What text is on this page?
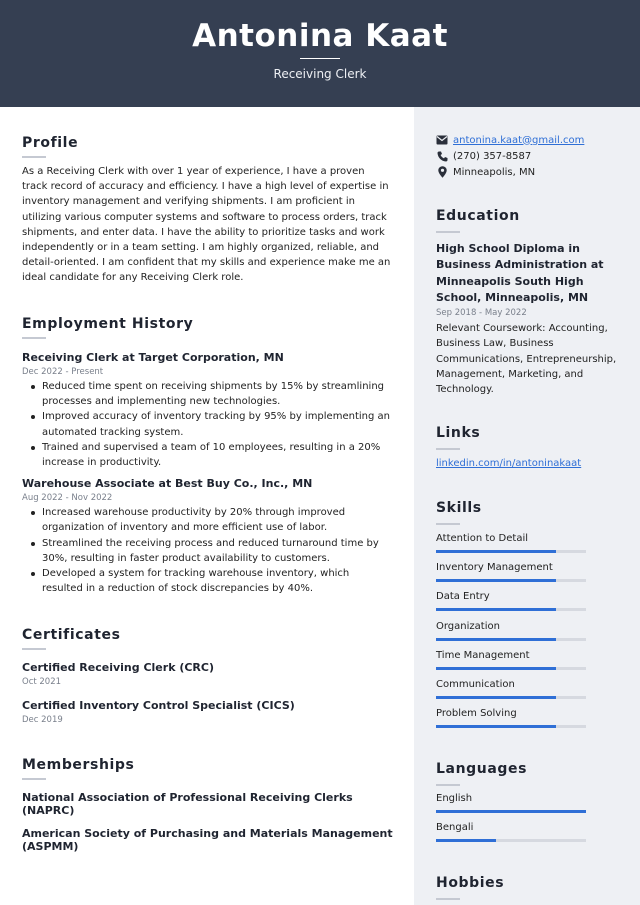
Antonina Kaat
Receiving Clerk
Profile
As a Receiving Clerk with over 1 year of experience, I have a proven track record of accuracy and efficiency. I have a high level of expertise in inventory management and verifying shipments. I am proficient in utilizing various computer systems and software to process orders, track shipments, and enter data. I have the ability to prioritize tasks and work independently or in a team setting. I am highly organized, reliable, and detail-oriented. I am confident that my skills and experience make me an ideal candidate for any Receiving Clerk role.
Employment History
Receiving Clerk at Target Corporation, MN
Dec 2022 - Present
Reduced time spent on receiving shipments by 15% by streamlining processes and implementing new technologies.
Improved accuracy of inventory tracking by 95% by implementing an automated tracking system.
Trained and supervised a team of 10 employees, resulting in a 20% increase in productivity.
Warehouse Associate at Best Buy Co., Inc., MN
Aug 2022 - Nov 2022
Increased warehouse productivity by 20% through improved organization of inventory and more efficient use of labor.
Streamlined the receiving process and reduced turnaround time by 30%, resulting in faster product availability to customers.
Developed a system for tracking warehouse inventory, which resulted in a reduction of stock discrepancies by 40%.
Certificates
Certified Receiving Clerk (CRC)
Oct 2021
Certified Inventory Control Specialist (CICS)
Dec 2019
Memberships
National Association of Professional Receiving Clerks (NAPRC)
American Society of Purchasing and Materials Management (ASPMM)
antonina.kaat@gmail.com
(270) 357-8587
Minneapolis, MN
Education
High School Diploma in Business Administration at Minneapolis South High School, Minneapolis, MN
Sep 2018 - May 2022
Relevant Coursework: Accounting, Business Law, Business Communications, Entrepreneurship, Management, Marketing, and Technology.
Links
linkedin.com/in/antoninakaat
Skills
Attention to Detail
Inventory Management
Data Entry
Organization
Time Management
Communication
Problem Solving
Languages
English
Bengali
Hobbies
